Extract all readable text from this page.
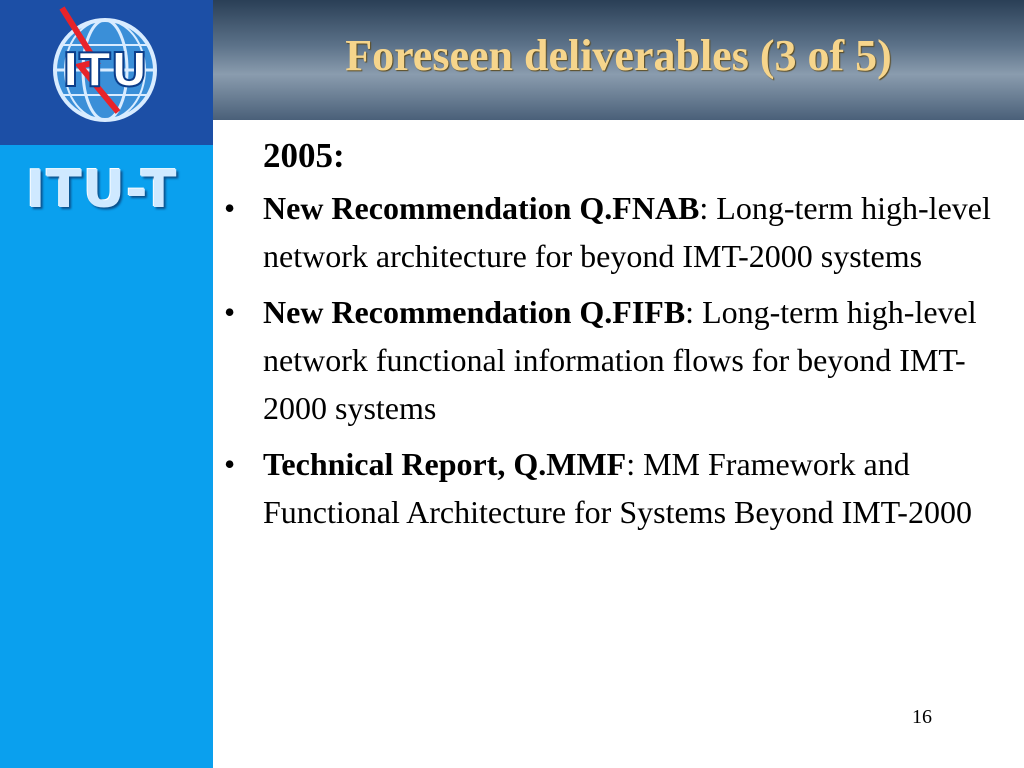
ITU
ITU-T
Foreseen deliverables (3 of 5)
2005:
• New Recommendation Q.FNAB: Long-term high-level network architecture for beyond IMT-2000 systems
• New Recommendation Q.FIFB: Long-term high-level network functional information flows for beyond IMT-2000 systems
• Technical Report, Q.MMF: MM Framework and Functional Architecture for Systems Beyond IMT-2000
16
